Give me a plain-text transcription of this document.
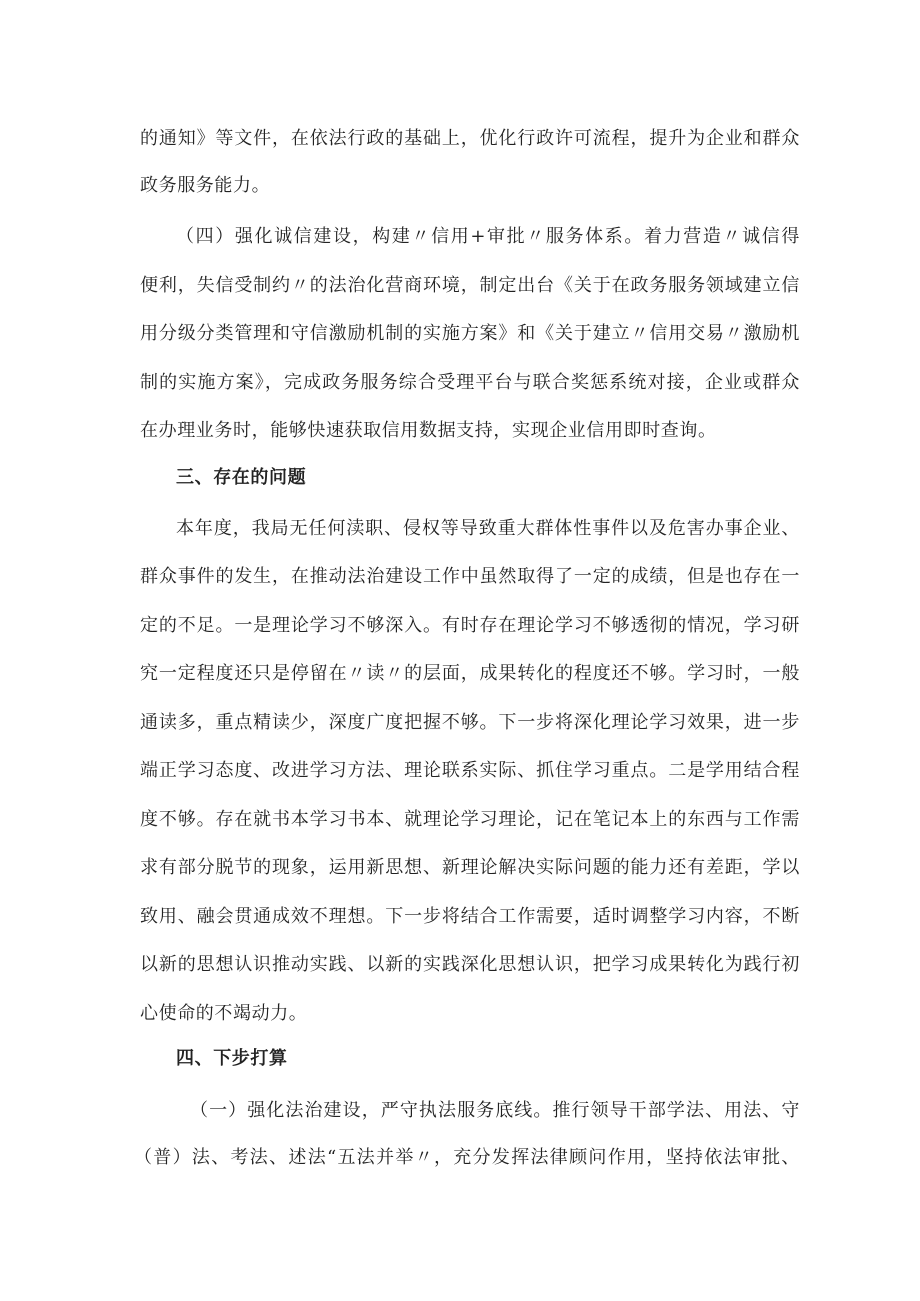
的通知》等文件，在依法行政的基础上，优化行政许可流程，提升为企业和群众
政务服务能力。
（四）强化诚信建设，构建〃信用+审批〃服务体系。着力营造〃诚信得
便利，失信受制约〃的法治化营商环境，制定出台《关于在政务服务领域建立信
用分级分类管理和守信激励机制的实施方案》和《关于建立〃信用交易〃激励机
制的实施方案》，完成政务服务综合受理平台与联合奖惩系统对接，企业或群众
在办理业务时，能够快速获取信用数据支持，实现企业信用即时查询。
三、存在的问题
本年度，我局无任何渎职、侵权等导致重大群体性事件以及危害办事企业、
群众事件的发生，在推动法治建设工作中虽然取得了一定的成绩，但是也存在一
定的不足。一是理论学习不够深入。有时存在理论学习不够透彻的情况，学习研
究一定程度还只是停留在〃读〃的层面，成果转化的程度还不够。学习时，一般
通读多，重点精读少，深度广度把握不够。下一步将深化理论学习效果，进一步
端正学习态度、改进学习方法、理论联系实际、抓住学习重点。二是学用结合程
度不够。存在就书本学习书本、就理论学习理论，记在笔记本上的东西与工作需
求有部分脱节的现象，运用新思想、新理论解决实际问题的能力还有差距，学以
致用、融会贯通成效不理想。下一步将结合工作需要，适时调整学习内容，不断
以新的思想认识推动实践、以新的实践深化思想认识，把学习成果转化为践行初
心使命的不竭动力。
四、下步打算
（一）强化法治建设，严守执法服务底线。推行领导干部学法、用法、守
（普）法、考法、述法“五法并举〃，充分发挥法律顾问作用，坚持依法审批、
